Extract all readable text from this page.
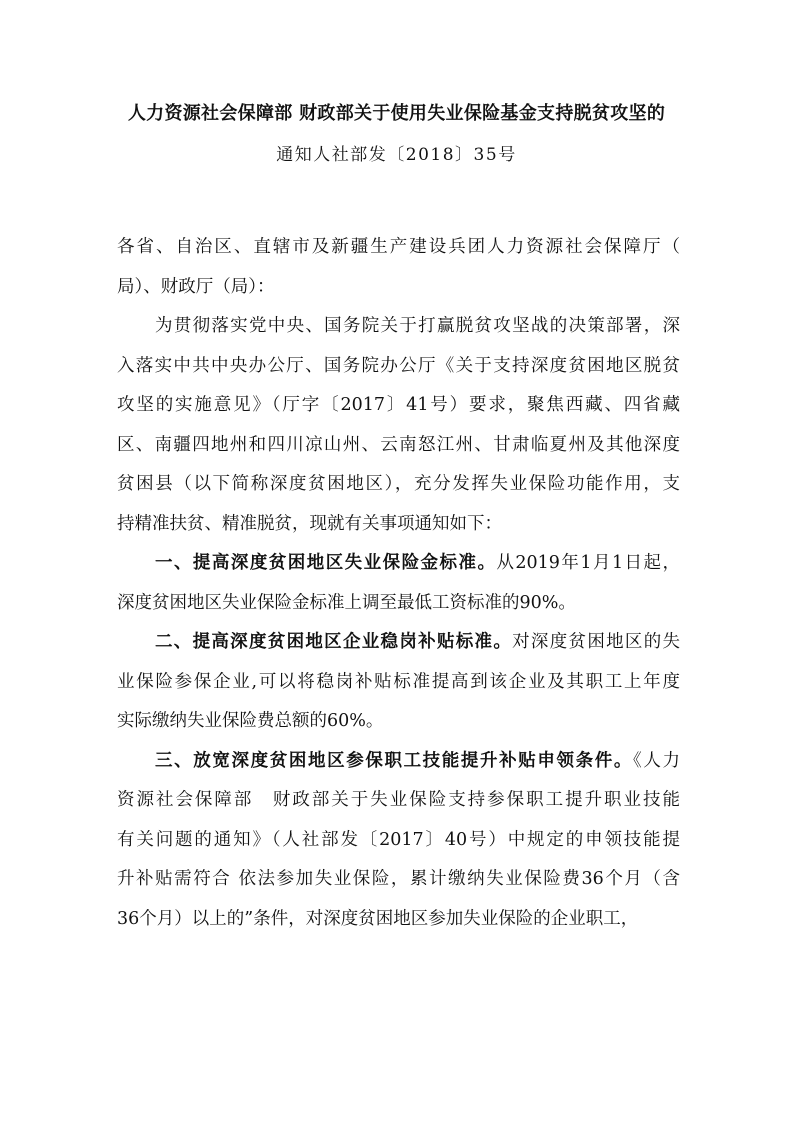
人力资源社会保障部 财政部关于使用失业保险基金支持脱贫攻坚的
通知人社部发〔2018〕35号
各省、自治区、直辖市及新疆生产建设兵团人力资源社会保障厅（
局）、财政厅（局）：
为贯彻落实党中央、国务院关于打赢脱贫攻坚战的决策部署，深
入落实中共中央办公厅、国务院办公厅《关于支持深度贫困地区脱贫
攻坚的实施意见》（厅字〔2017〕41号）要求，聚焦西藏、四省藏
区、南疆四地州和四川凉山州、云南怒江州、甘肃临夏州及其他深度
贫困县（以下简称深度贫困地区），充分发挥失业保险功能作用，支
持精准扶贫、精准脱贫，现就有关事项通知如下：
一、提高深度贫困地区失业保险金标准。从2019年1月1日起，
深度贫困地区失业保险金标准上调至最低工资标准的90%。
二、提高深度贫困地区企业稳岗补贴标准。对深度贫困地区的失
业保险参保企业,可以将稳岗补贴标准提高到该企业及其职工上年度
实际缴纳失业保险费总额的60%。
三、放宽深度贫困地区参保职工技能提升补贴申领条件。《人力
资源社会保障部　财政部关于失业保险支持参保职工提升职业技能
有关问题的通知》（人社部发〔2017〕40号）中规定的申领技能提
升补贴需符合 依法参加失业保险，累计缴纳失业保险费36个月（含
36个月）以上的”条件，对深度贫困地区参加失业保险的企业职工，
